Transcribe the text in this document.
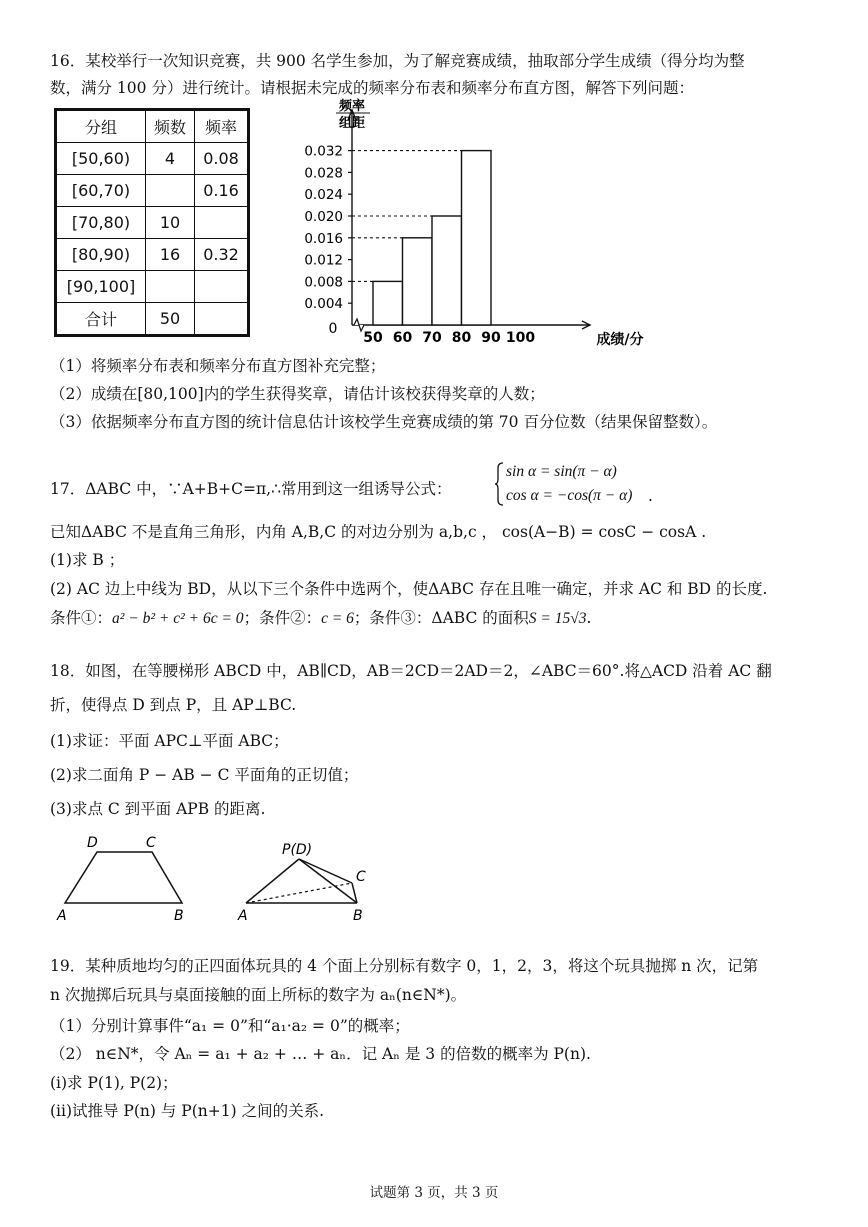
16．某校举行一次知识竞赛，共 900 名学生参加，为了解竞赛成绩，抽取部分学生成绩（得分均为整
数，满分 100 分）进行统计。请根据未完成的频率分布表和频率分布直方图，解答下列问题：
分组	频数	频率
[50,60)	4	0.08
[60,70)		0.16
[70,80)	10	
[80,90)	16	0.32
[90,100]		
合计	50	
频率
组距
0.004
0.008
0.012
0.016
0.020
0.024
0.028
0.032
0
50 60 70 80 90 100	成绩/分
（1）将频率分布表和频率分布直方图补充完整；
（2）成绩在[80,100]内的学生获得奖章，请估计该校获得奖章的人数；
（3）依据频率分布直方图的统计信息估计该校学生竞赛成绩的第 70 百分位数（结果保留整数）。
17．ΔABC 中，∵A+B+C=π,∴常用到这一组诱导公式：
sin α = sin(π − α)
cos α = −cos(π − α) .
已知ΔABC 不是直角三角形，内角 A,B,C 的对边分别为 a,b,c ， cos(A−B) = cosC − cosA .
(1)求 B ；
(2) AC 边上中线为 BD，从以下三个条件中选两个，使ΔABC 存在且唯一确定，并求 AC 和 BD 的长度.
条件①：a² − b² + c² + 6c = 0；条件②：c = 6；条件③：ΔABC 的面积S = 15√3.
18．如图，在等腰梯形 ABCD 中，AB∥CD，AB＝2CD＝2AD＝2，∠ABC＝60°.将△ACD 沿着 AC 翻
折，使得点 D 到点 P，且 AP⊥BC.
(1)求证：平面 APC⊥平面 ABC；
(2)求二面角 P − AB − C 平面角的正切值；
(3)求点 C 到平面 APB 的距离.
D	C
A	B
P(D)
C
A	B
19．某种质地均匀的正四面体玩具的 4 个面上分别标有数字 0，1，2，3，将这个玩具抛掷 n 次，记第
n 次抛掷后玩具与桌面接触的面上所标的数字为 aₙ(n∈N*)。
（1）分别计算事件“a₁ = 0”和“a₁·a₂ = 0”的概率；
（2） n∈N*，令 Aₙ = a₁ + a₂ + … + aₙ．记 Aₙ 是 3 的倍数的概率为 P(n).
(i)求 P(1), P(2)；
(ii)试推导 P(n) 与 P(n+1) 之间的关系.
试题第 3 页，共 3 页
